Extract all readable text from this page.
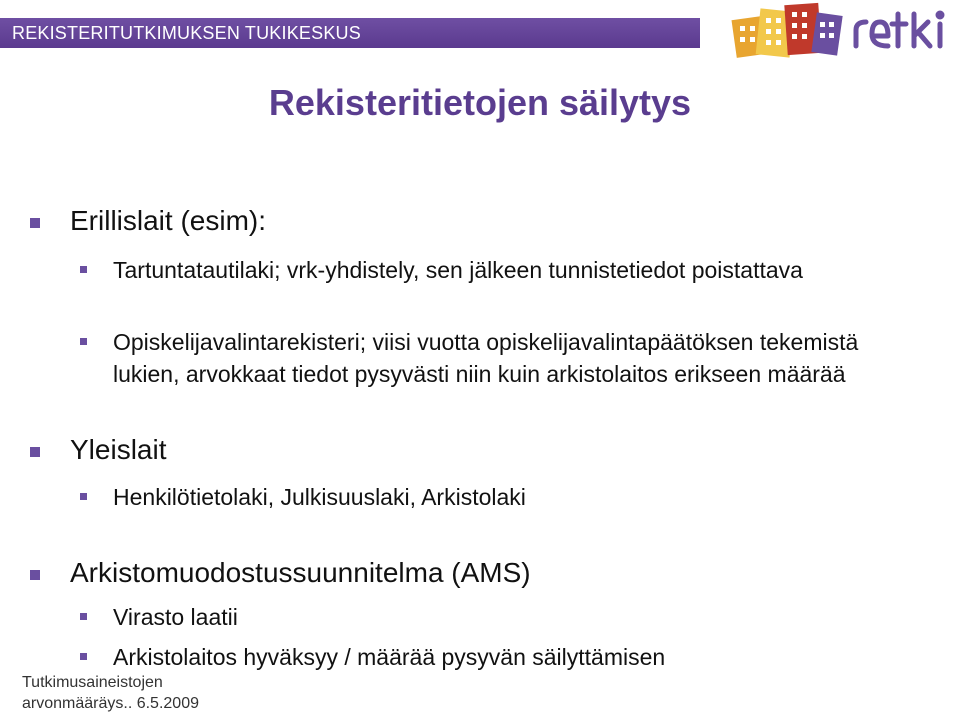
REKISTERITUTKIMUKSEN TUKIKESKUS
Rekisteritietojen säilytys
Erillislait (esim):
Tartuntatautilaki; vrk-yhdistely, sen jälkeen tunnistetiedot poistattava
Opiskelijavalintarekisteri; viisi vuotta opiskelijavalintapäätöksen tekemistä lukien, arvokkaat tiedot pysyvästi niin kuin arkistolaitos erikseen määrää
Yleislait
Henkilötietolaki, Julkisuuslaki, Arkistolaki
Arkistomuodostussuunnitelma (AMS)
Virasto laatii
Arkistolaitos hyväksyy / määrää pysyvän säilyttämisen
Tutkimusaineistojen
arvonmääräys.. 6.5.2009
